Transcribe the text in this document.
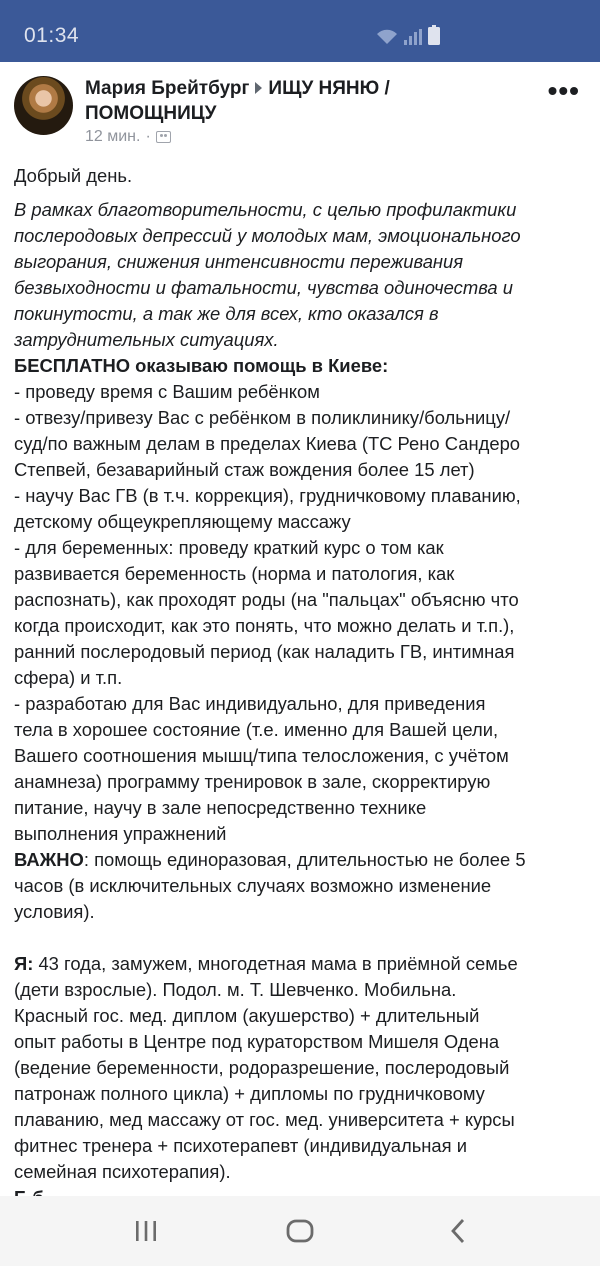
01:34
Мария Брейтбург ИЩУ НЯНЮ / ПОМОЩНИЦУ
12 мин. ·
•••

Добрый день.

В рамках благотворительности, с целью профилактики

послеродовых депрессий у молодых мам, эмоционального

выгорания, снижения интенсивности переживания

безвыходности и фатальности, чувства одиночества и

покинутости, а так же для всех, кто оказался в

затруднительных ситуациях.

БЕСПЛАТНО оказываю помощь в Киеве:

- проведу время с Вашим ребёнком

- отвезу/привезу Вас с ребёнком в поликлинику/больницу/

суд/по важным делам в пределах Киева (ТС Рено Сандеро

Степвей, безаварийный стаж вождения более 15 лет)

- научу Вас ГВ (в т.ч. коррекция), грудничковому плаванию,

детскому общеукрепляющему массажу

- для беременных: проведу краткий курс о том как

развивается беременность (норма и патология, как

распознать), как проходят роды (на "пальцах" объясню что

когда происходит, как это понять, что можно делать и т.п.),

ранний послеродовый период (как наладить ГВ, интимная

сфера) и т.п.

- разработаю для Вас индивидуально, для приведения

тела в хорошее состояние (т.е. именно для Вашей цели,

Вашего соотношения мышц/типа телосложения, с учётом

анамнеза) программу тренировок в зале, скорректирую

питание, научу в зале непосредственно технике

выполнения упражнений

ВАЖНО: помощь единоразовая, длительностью не более 5

часов (в исключительных случаях возможно изменение

условия).

Я: 43 года, замужем, многодетная мама в приёмной семье

(дети взрослые). Подол. м. Т. Шевченко. Мобильна.

Красный гос. мед. диплом (акушерство) + длительный

опыт работы в Центре под кураторством Мишеля Одена

(ведение беременности, родоразрешение, послеродовый

патронаж полного цикла) + дипломы по грудничковому

плаванию, мед массажу от гос. мед. университета + курсы

фитнес тренера + психотерапевт (индивидуальная и

семейная психотерапия).
